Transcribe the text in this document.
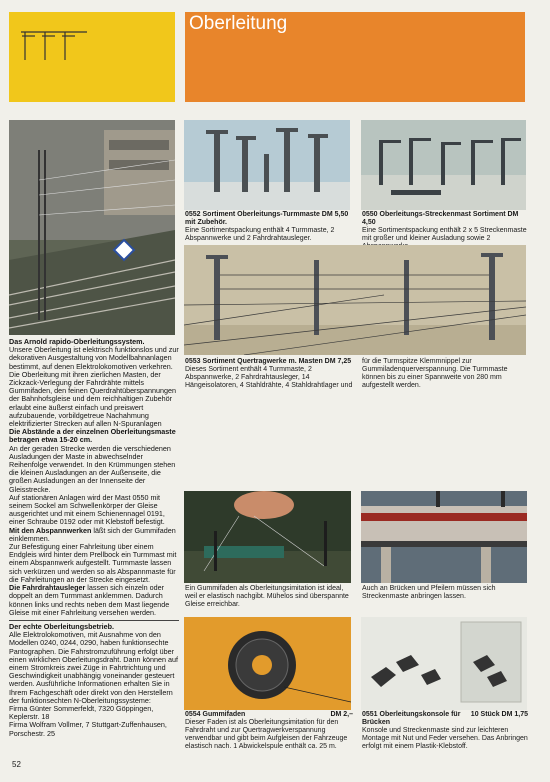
Oberleitung
0552 Sortiment Oberleitungs-Turmmaste DM 5,50 mit Zubehör.
Eine Sortimentspackung enthält 4 Turmmaste, 2 Abspannwerke und 2 Fahrdrahtausleger.
0550 Oberleitungs-Streckenmast Sortiment DM 4,50
Eine Sortimentspackung enthält 2 x 5 Streckenmaste mit großer und kleiner Ausladung sowie 2
0553 Sortiment Quertragwerke m. Masten DM 7,25
Dieses Sortiment enthält 4 Turmmaste, 2 Abspannwerke, 2 Fahrdrahtausleger, 14 Hängeisolatoren, 4 Stahldrähte, 4 Stahldrahtlager und
für die Turmspitze Klemmnippel zur Gummiladenquerverspannung. Die Turmmaste können bis zu einer Spannweite von 280 mm aufgestellt werden.
Das Arnold rapido-Oberleitungssystem.
Unsere Oberleitung ist elektrisch funktionslos und zur dekorativen Ausgestaltung von Modellbahnanlagen bestimmt, auf denen Elektrolokomotiven verkehren.
Die Oberleitung mit ihren zierlichen Masten, der Zickzack-Verlegung der Fahrdrähte mittels Gummifaden, den feinen Querdrahtüberspannungen der Bahnhofsgleise und dem reichhaltigen Zubehör erlaubt eine äußerst einfach und preiswert aufzubauende, vorbildgetreue Nachahmung elektrifizierter Strecken auf allen N-Spuranlagen
Die Abstände a der einzelnen Oberleitungsmaste betragen etwa 15-20 cm.
An der geraden Strecke werden die verschiedenen Ausladungen der Maste in abwechselnder Reihenfolge verwendet. In den Krümmungen stehen die kleinen Ausladungen an der Außenseite, die großen Ausladungen an der Innenseite der Gleisstrecke.
Auf stationären Anlagen wird der Mast 0550 mit seinem Sockel am Schwellenkörper der Gleise ausgerichtet und mit einem Schienennagel 0191, einer Schraube 0192 oder mit Klebstoff befestigt.
Mit den Abspannwerken läßt sich der Gummifaden einklemmen.
Zur Befestigung einer Fahrleitung über einem Endgleis wird hinter dem Prellbock ein Turmmast mit einem Abspannwerk aufgestellt. Turmmaste lassen sich verkürzen und werden so als Abspannmaste für die Fahrleitungen an der Strecke eingesetzt.
Die Fahrdrahtausleger lassen sich einzeln oder doppelt an dem Turmmast anklemmen. Dadurch können links und rechts neben dem Mast liegende Gleise mit einer Fahrleitung versehen werden.
Der echte Oberleitungsbetrieb.
Alle Elektrolokomotiven, mit Ausnahme von den Modellen 0240, 0244, 0290, haben funktionsechte Pantographen. Die Fahrstromzuführung erfolgt über einen wirklichen Oberleitungsdraht. Dann können auf einem Stromkreis zwei Züge in Fahrtrichtung und Geschwindigkeit unabhängig voneinander gesteuert werden. Ausführliche Informationen erhalten Sie in Ihrem Fachgeschäft oder direkt von den Herstellern der funktionsechten N-Oberleitungssysteme:
Firma Günter Sommerfeldt, 7320 Göppingen, Keplerstr. 18
Firma Wolfram Vollmer, 7 Stuttgart-Zuffenhausen, Porschestr. 25
Ein Gummifaden als Oberleitungsimitation ist ideal, weil er elastisch nachgibt. Mühelos sind überspannte Gleise erreichbar.
Auch an Brücken und Pfeilern müssen sich Streckenmaste anbringen lassen.
0554 Gummifaden	DM 2,–
Dieser Faden ist als Oberleitungsimitation für den Fahrdraht und zur Quertragwerkverspannung verwendbar und gibt beim Aufgleisen der Fahrzeuge elastisch nach. 1 Abwickelspule enthält ca. 25 m.
0551 Oberleitungskonsole für Brücken
10 Stück DM 1,75
Konsole und Streckenmaste sind zur leichteren Montage mit Nut und Feder versehen. Das Anbringen erfolgt mit einem Plastik-Klebstoff.
52
